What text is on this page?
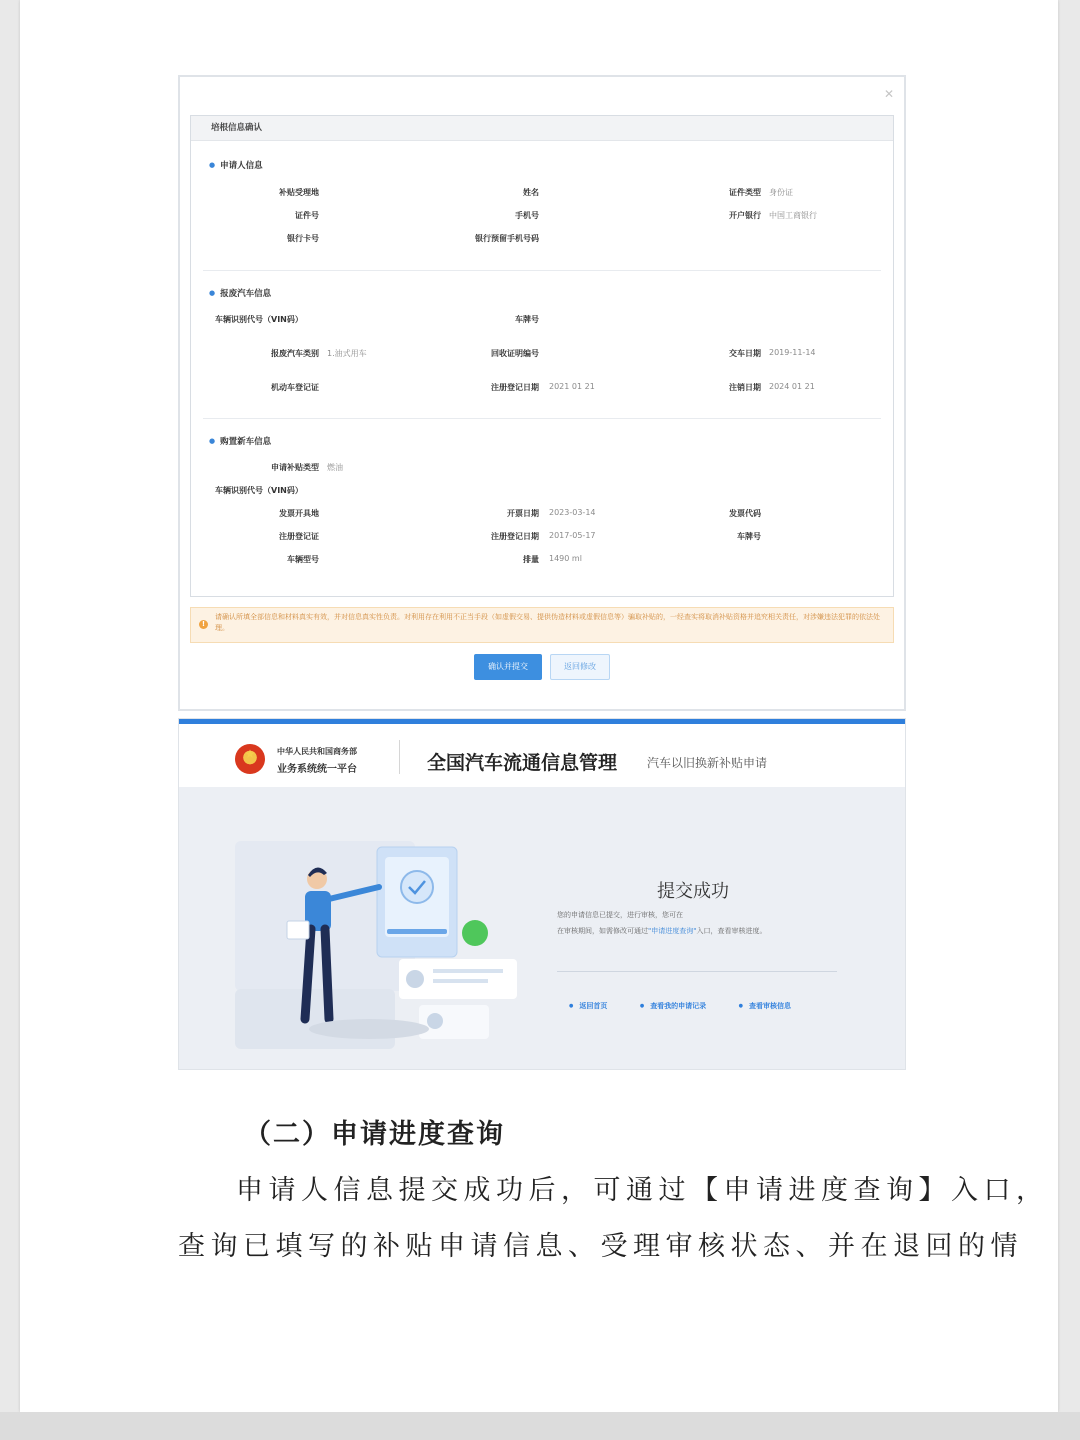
✕
培根信息确认
● 申请人信息
补贴受理地	姓名	证件类型 身份证
证件号	手机号	开户银行 中国工商银行
银行卡号	银行预留手机号码
● 报废汽车信息
车辆识别代号（VIN码）	车牌号
报废汽车类别 1.油式用车	回收证明编号	交车日期 2019-11-14
机动车登记证	注册登记日期 2021 01 21	注销日期 2024 01 21
● 购置新车信息
申请补贴类型 燃油
车辆识别代号（VIN码）
发票开具地	开票日期 2023-03-14	发票代码
注册登记证	注册登记日期 2017-05-17	车牌号
车辆型号	排量 1490 ml
!
请确认所填全部信息和材料真实有效，并对信息真实性负责。对利用存在利用不正当手段（如虚假交易、提供伪造材料或虚假信息等）骗取补贴的，一经查实将取消补贴资格并追究相关责任，对涉嫌违法犯罪的依法处理。
确认并提交	返回修改
★
中华人民共和国商务部
业务系统统一平台	全国汽车流通信息管理 汽车以旧换新补贴申请
提交成功
您的申请信息已提交，进行审核，您可在
在审核期间，如需修改可通过"申请进度查询"入口，查看审核进度。
● 返回首页	● 查看我的申请记录	● 查看审核信息
（二）申请进度查询
申请人信息提交成功后，可通过【申请进度查询】入口，
查询已填写的补贴申请信息、受理审核状态、并在退回的情
